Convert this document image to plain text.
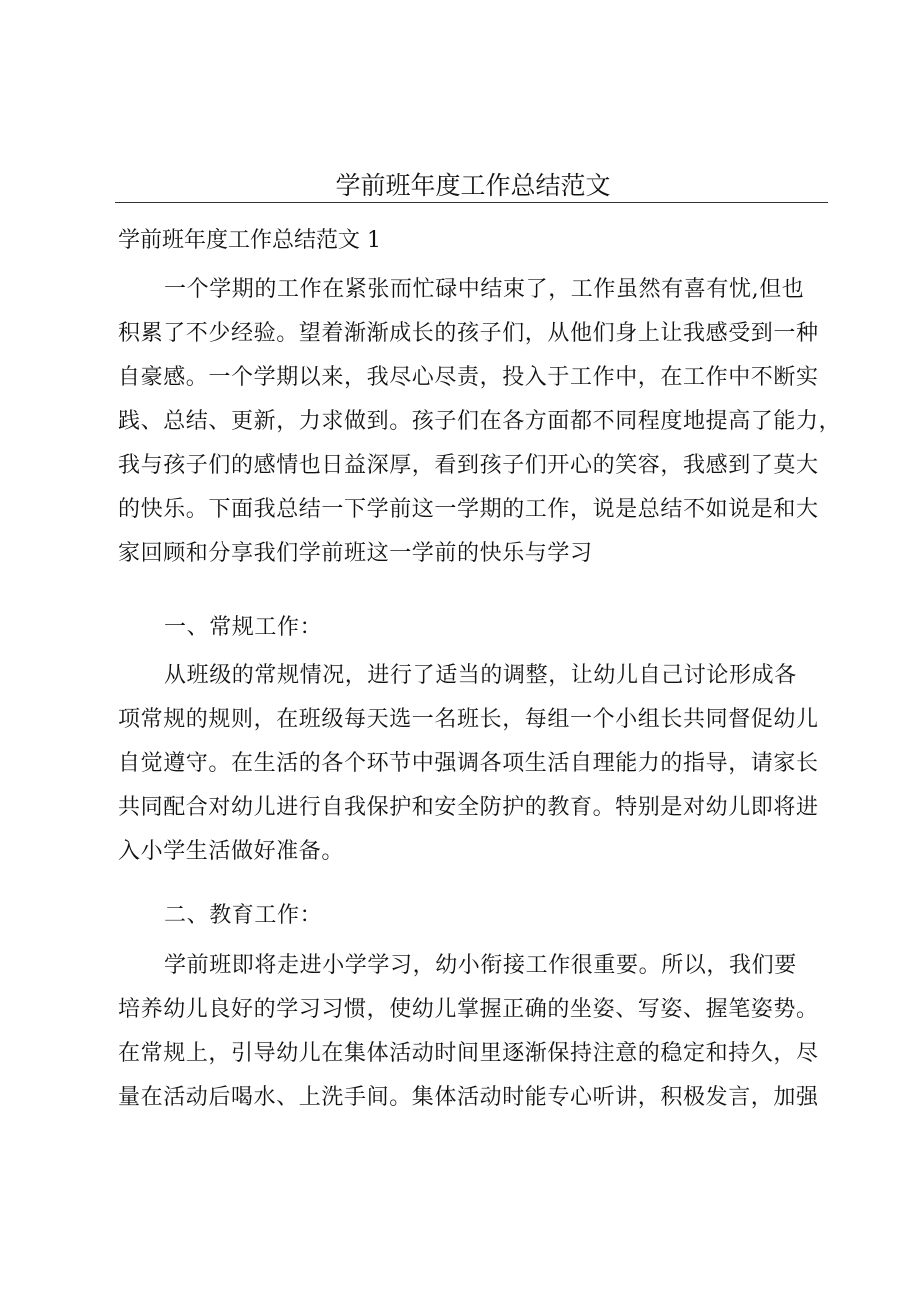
学前班年度工作总结范文

学前班年度工作总结范文 1

一个学期的工作在紧张而忙碌中结束了，工作虽然有喜有忧,但也
积累了不少经验。望着渐渐成长的孩子们，从他们身上让我感受到一种
自豪感。一个学期以来，我尽心尽责，投入于工作中，在工作中不断实
践、总结、更新，力求做到。孩子们在各方面都不同程度地提高了能力，
我与孩子们的感情也日益深厚，看到孩子们开心的笑容，我感到了莫大
的快乐。下面我总结一下学前这一学期的工作，说是总结不如说是和大
家回顾和分享我们学前班这一学前的快乐与学习
一、常规工作：
从班级的常规情况，进行了适当的调整，让幼儿自己讨论形成各
项常规的规则，在班级每天选一名班长，每组一个小组长共同督促幼儿
自觉遵守。在生活的各个环节中强调各项生活自理能力的指导，请家长
共同配合对幼儿进行自我保护和安全防护的教育。特别是对幼儿即将进
入小学生活做好准备。
二、教育工作：
学前班即将走进小学学习，幼小衔接工作很重要。所以，我们要
培养幼儿良好的学习习惯，使幼儿掌握正确的坐姿、写姿、握笔姿势。
在常规上，引导幼儿在集体活动时间里逐渐保持注意的稳定和持久，尽
量在活动后喝水、上洗手间。集体活动时能专心听讲，积极发言，加强
